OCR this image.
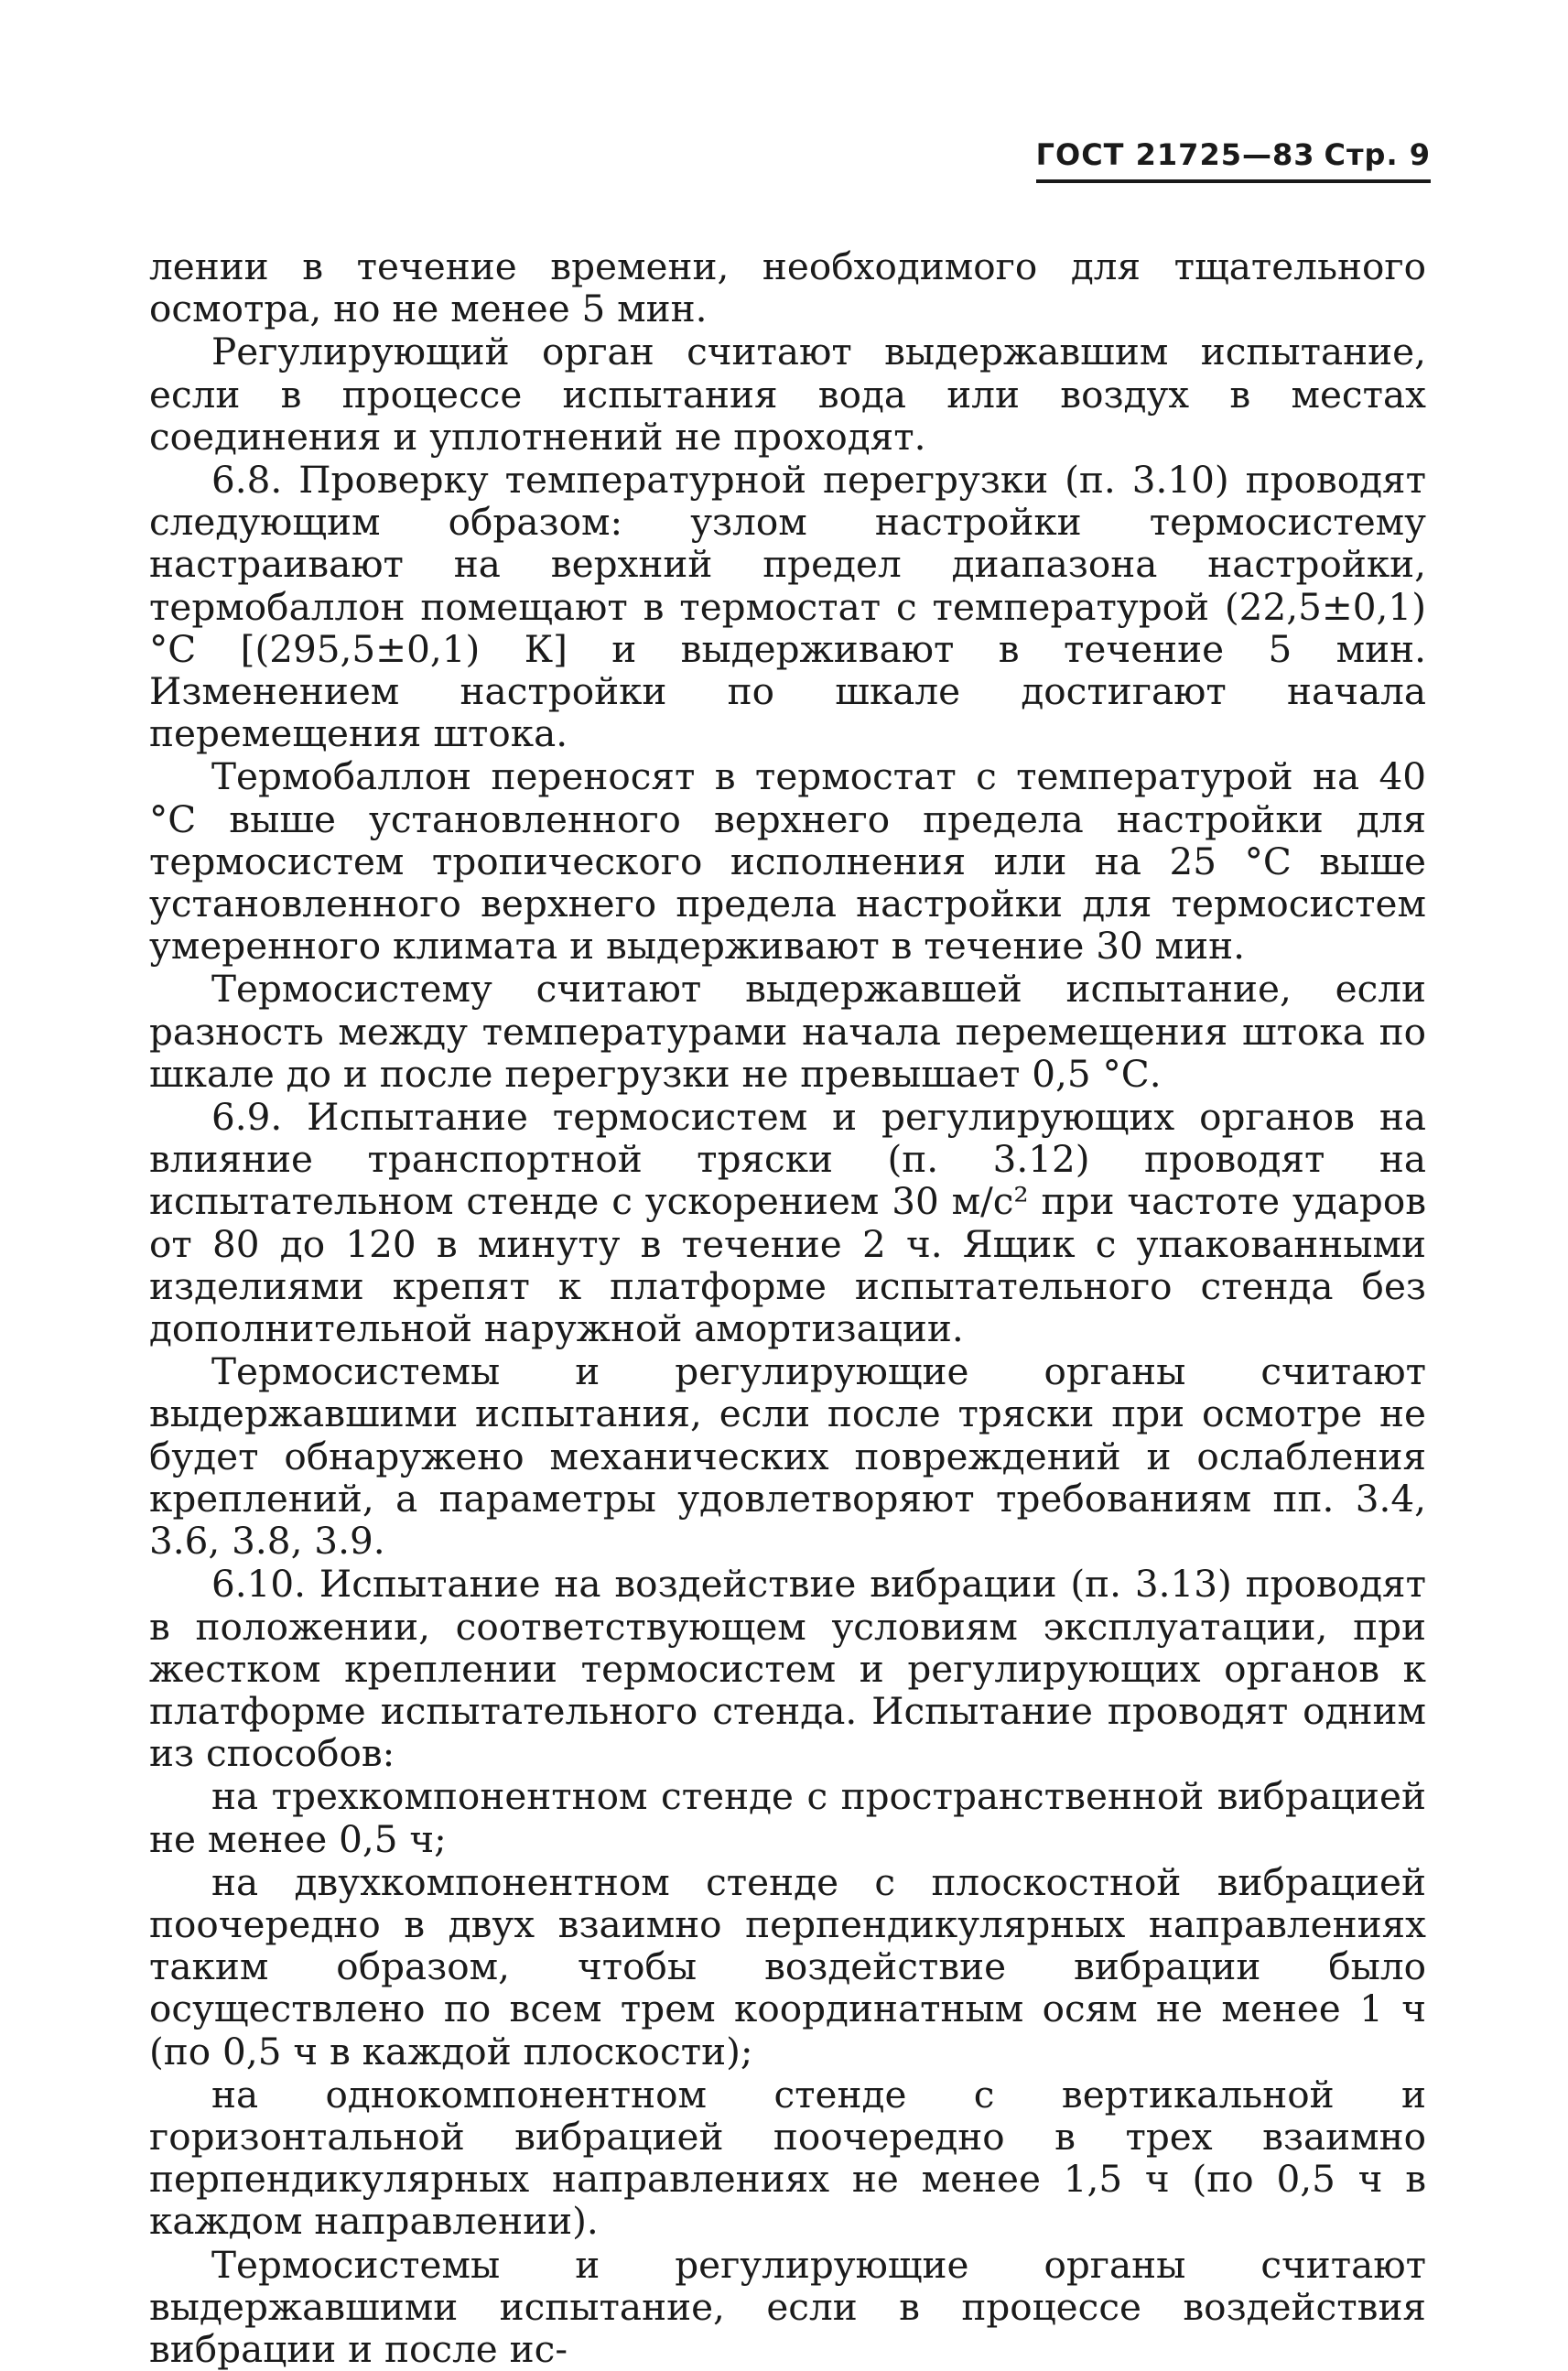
ГОСТ 21725—83 Стр. 9

лении в течение времени, необходимого для тщательного осмотра, но не менее 5 мин.

Регулирующий орган считают выдержавшим испытание, если в процессе испытания вода или воздух в местах соединения и уплотнений не проходят.

6.8. Проверку температурной перегрузки (п. 3.10) проводят следующим образом: узлом настройки термосистему настраивают на верхний предел диапазона настройки, термобаллон помещают в термостат с температурой (22,5±0,1) °С [(295,5±0,1) К] и выдерживают в течение 5 мин. Изменением настройки по шкале достигают начала перемещения штока.

Термобаллон переносят в термостат с температурой на 40 °С выше установленного верхнего предела настройки для термосистем тропического исполнения или на 25 °С выше установленного верхнего предела настройки для термосистем умеренного климата и выдерживают в течение 30 мин.

Термосистему считают выдержавшей испытание, если разность между температурами начала перемещения штока по шкале до и после перегрузки не превышает 0,5 °С.

6.9. Испытание термосистем и регулирующих органов на влияние транспортной тряски (п. 3.12) проводят на испытательном стенде с ускорением 30 м/с² при частоте ударов от 80 до 120 в минуту в течение 2 ч. Ящик с упакованными изделиями крепят к платформе испытательного стенда без дополнительной наружной амортизации.

Термосистемы и регулирующие органы считают выдержавшими испытания, если после тряски при осмотре не будет обнаружено механических повреждений и ослабления креплений, а параметры удовлетворяют требованиям пп. 3.4, 3.6, 3.8, 3.9.

6.10. Испытание на воздействие вибрации (п. 3.13) проводят в положении, соответствующем условиям эксплуатации, при жестком креплении термосистем и регулирующих органов к платформе испытательного стенда. Испытание проводят одним из способов:

на трехкомпонентном стенде с пространственной вибрацией не менее 0,5 ч;

на двухкомпонентном стенде с плоскостной вибрацией поочередно в двух взаимно перпендикулярных направлениях таким образом, чтобы воздействие вибрации было осуществлено по всем трем координатным осям не менее 1 ч (по 0,5 ч в каждой плоскости);

на однокомпонентном стенде с вертикальной и горизонтальной вибрацией поочередно в трех взаимно перпендикулярных направлениях не менее 1,5 ч (по 0,5 ч в каждом направлении).

Термосистемы и регулирующие органы считают выдержавшими испытание, если в процессе воздействия вибрации и после ис-
